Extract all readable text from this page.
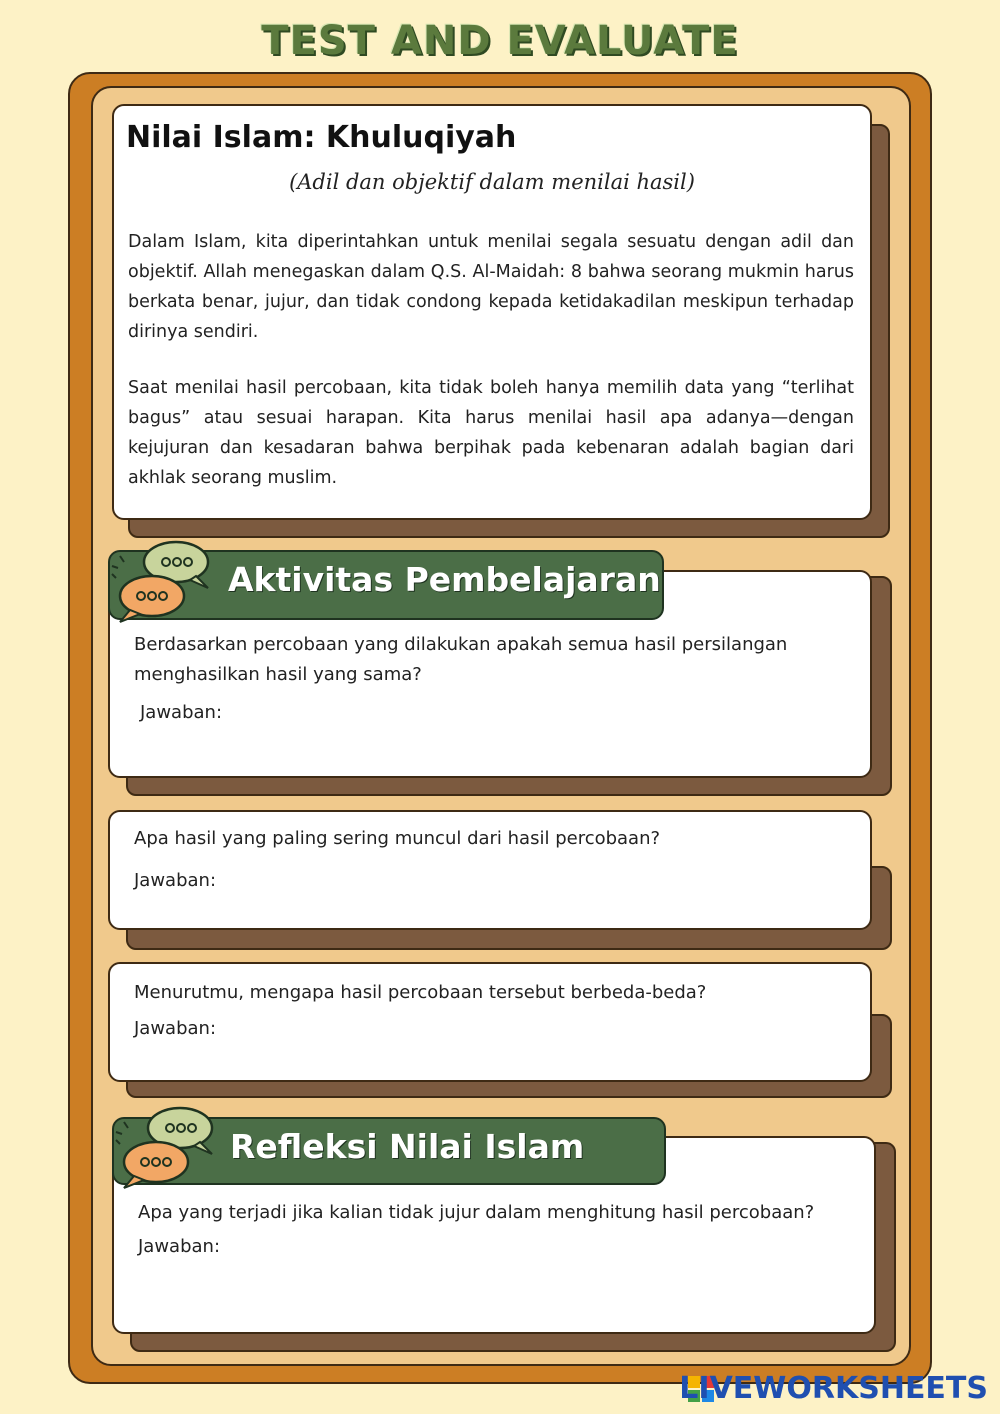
TEST AND EVALUATE
Nilai Islam: Khuluqiyah
(Adil dan objektif dalam menilai hasil)
Dalam Islam, kita diperintahkan untuk menilai segala sesuatu dengan adil dan objektif. Allah menegaskan dalam Q.S. Al-Maidah: 8 bahwa seorang mukmin harus berkata benar, jujur, dan tidak condong kepada ketidakadilan meskipun terhadap dirinya sendiri.
Saat menilai hasil percobaan, kita tidak boleh hanya memilih data yang “terlihat bagus” atau sesuai harapan. Kita harus menilai hasil apa adanya—dengan kejujuran dan kesadaran bahwa berpihak pada kebenaran adalah bagian dari akhlak seorang muslim.
Berdasarkan percobaan yang dilakukan apakah semua hasil persilangan menghasilkan hasil yang sama?
Jawaban:
Aktivitas Pembelajaran
Apa hasil yang paling sering muncul dari hasil percobaan?
Jawaban:
Menurutmu, mengapa hasil percobaan tersebut berbeda-beda?
Jawaban:
Apa yang terjadi jika kalian tidak jujur dalam menghitung hasil percobaan?
Jawaban:
Refleksi Nilai Islam
LIVEWORKSHEETS
